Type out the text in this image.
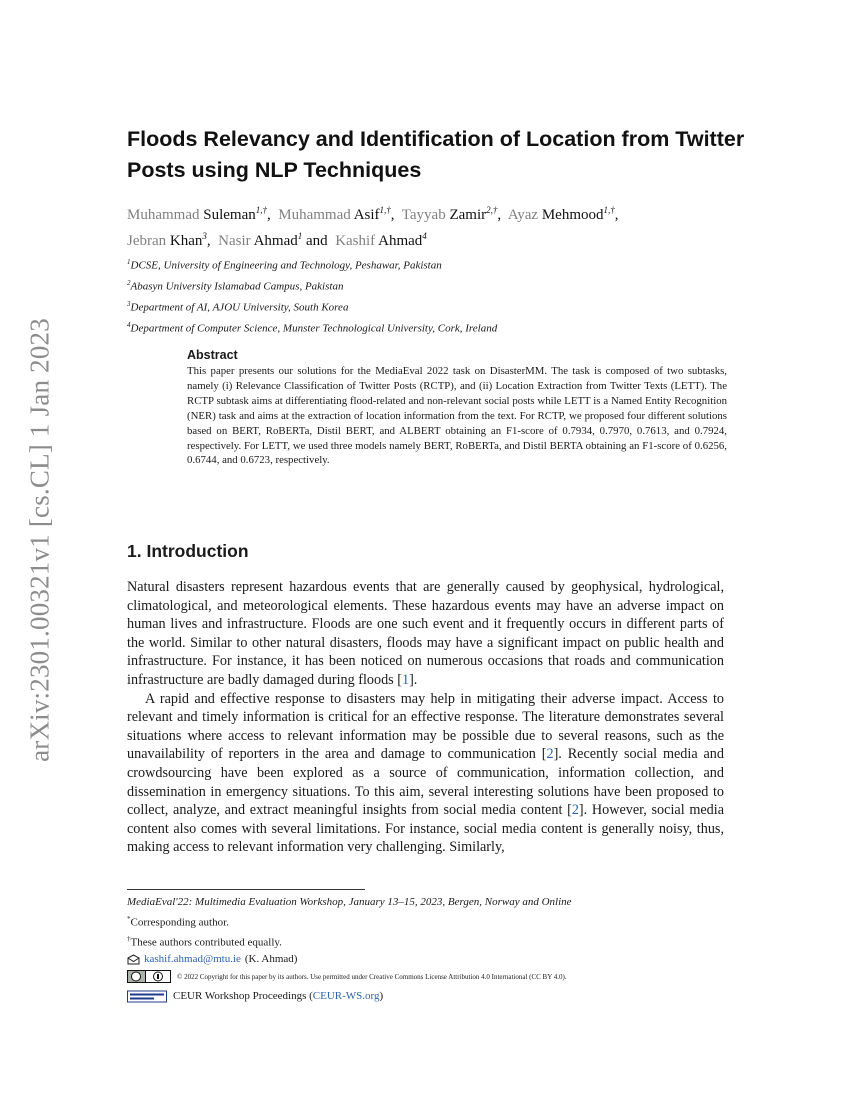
arXiv:2301.00321v1 [cs.CL] 1 Jan 2023
Floods Relevancy and Identification of Location from Twitter Posts using NLP Techniques
Muhammad Suleman$^{1,\dagger}$,  Muhammad Asif$^{1,\dagger}$,  Tayyab Zamir$^{2,\dagger}$,  Ayaz Mehmood$^{1,\dagger}$,
Jebran Khan$^3$,  Nasir Ahmad$^1$ and Kashif Ahmad$^4$
$^1$DCSE, University of Engineering and Technology, Peshawar, Pakistan
$^2$Abasyn University Islamabad Campus, Pakistan
$^3$Department of AI, AJOU University, South Korea
$^4$Department of Computer Science, Munster Technological University, Cork, Ireland
Abstract

This paper presents our solutions for the MediaEval 2022 task on DisasterMM. The task is composed of two subtasks, namely (i) Relevance Classification of Twitter Posts (RCTP), and (ii) Location Extraction from Twitter Texts (LETT). The RCTP subtask aims at differentiating flood-related and non-relevant social posts while LETT is a Named Entity Recognition (NER) task and aims at the extraction of location information from the text. For RCTP, we proposed four different solutions based on BERT, RoBERTa, Distil BERT, and ALBERT obtaining an F1-score of 0.7934, 0.7970, 0.7613, and 0.7924, respectively. For LETT, we used three models namely BERT, RoBERTa, and Distil BERTA obtaining an F1-score of 0.6256, 0.6744, and 0.6723, respectively.

1. Introduction

Natural disasters represent hazardous events that are generally caused by geophysical, hydrological, climatological, and meteorological elements. These hazardous events may have an adverse impact on human lives and infrastructure. Floods are one such event and it frequently occurs in different parts of the world. Similar to other natural disasters, floods may have a significant impact on public health and infrastructure. For instance, it has been noticed on numerous occasions that roads and communication infrastructure are badly damaged during floods [1].

A rapid and effective response to disasters may help in mitigating their adverse impact. Access to relevant and timely information is critical for an effective response. The literature demonstrates several situations where access to relevant information may be possible due to several reasons, such as the unavailability of reporters in the area and damage to communication [2]. Recently social media and crowdsourcing have been explored as a source of communication, information collection, and dissemination in emergency situations. To this aim, several interesting solutions have been proposed to collect, analyze, and extract meaningful insights from social media content [2]. However, social media content also comes with several limitations. For instance, social media content is generally noisy, thus, making access to relevant information very challenging. Similarly,

MediaEval'22: Multimedia Evaluation Workshop, January 13–15, 2023, Bergen, Norway and Online
*Corresponding author.
†These authors contributed equally.
kashif.ahmad@mtu.ie (K. Ahmad)
© 2022 Copyright for this paper by its authors. Use permitted under Creative Commons License Attribution 4.0 International (CC BY 4.0).
CEUR Workshop Proceedings (CEUR-WS.org)
